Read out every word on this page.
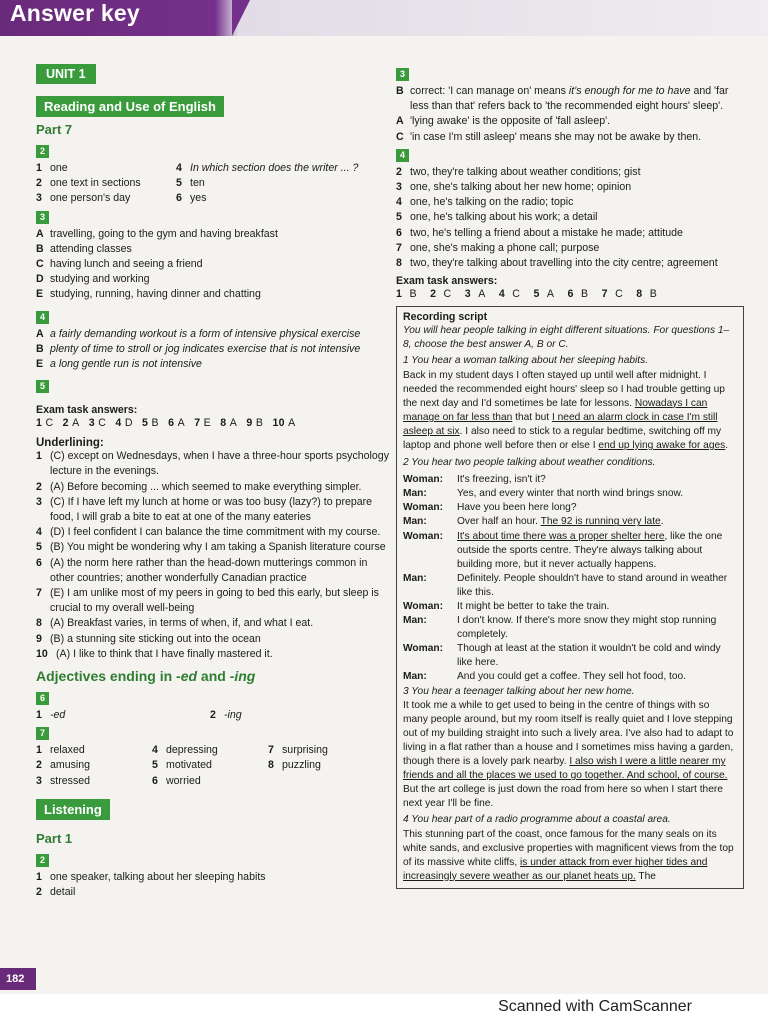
Answer key
UNIT 1
Reading and Use of English
Part 7
2
1 one	4 In which section does the writer ... ?
2 one text in sections	5 ten
3 one person's day	6 yes
3
A travelling, going to the gym and having breakfast
B attending classes
C having lunch and seeing a friend
D studying and working
E studying, running, having dinner and chatting
4
A a fairly demanding workout is a form of intensive physical exercise
B plenty of time to stroll or jog indicates exercise that is not intensive
E a long gentle run is not intensive
5
Exam task answers:
1 C 2 A 3 C 4 D 5 B 6 A 7 E 8 A 9 B 10 A
Underlining:
1 (C) except on Wednesdays, when I have a three-hour sports psychology lecture in the evenings.
2 (A) Before becoming ... which seemed to make everything simpler.
3 (C) If I have left my lunch at home or was too busy (lazy?) to prepare food, I will grab a bite to eat at one of the many eateries
4 (D) I feel confident I can balance the time commitment with my course.
5 (B) You might be wondering why I am taking a Spanish literature course
6 (A) the norm here rather than the head-down mutterings common in other countries; another wonderfully Canadian practice
7 (E) I am unlike most of my peers in going to bed this early, but sleep is crucial to my overall well-being
8 (A) Breakfast varies, in terms of when, if, and what I eat.
9 (B) a stunning site sticking out into the ocean
10 (A) I like to think that I have finally mastered it.
Adjectives ending in -ed and -ing
6
1 -ed	2 -ing
7
1 relaxed	4 depressing	7 surprising
2 amusing	5 motivated	8 puzzling
3 stressed	6 worried
Listening
Part 1
2
1 one speaker, talking about her sleeping habits
2 detail
3
B correct: 'I can manage on' means it's enough for me to have and 'far less than that' refers back to 'the recommended eight hours' sleep'.
A 'lying awake' is the opposite of 'fall asleep'.
C 'in case I'm still asleep' means she may not be awake by then.
4
2 two, they're talking about weather conditions; gist
3 one, she's talking about her new home; opinion
4 one, he's talking on the radio; topic
5 one, he's talking about his work; a detail
6 two, he's telling a friend about a mistake he made; attitude
7 one, she's making a phone call; purpose
8 two, they're talking about travelling into the city centre; agreement
Exam task answers:
1 B 2 C 3 A 4 C 5 A 6 B 7 C 8 B
Recording script
You will hear people talking in eight different situations. For questions 1–8, choose the best answer A, B or C.
1 You hear a woman talking about her sleeping habits.
Back in my student days I often stayed up until well after midnight. I needed the recommended eight hours' sleep so I had trouble getting up the next day and I'd sometimes be late for lessons. Nowadays I can manage on far less than that but I need an alarm clock in case I'm still asleep at six. I also need to stick to a regular bedtime, switching off my laptop and phone well before then or else I end up lying awake for ages.
2 You hear two people talking about weather conditions.
Woman:	It's freezing, isn't it?
Man:	Yes, and every winter that north wind brings snow.
Woman:	Have you been here long?
Man:	Over half an hour. The 92 is running very late.
Woman:	It's about time there was a proper shelter here, like the one outside the sports centre. They're always talking about building more, but it never actually happens.
Man:	Definitely. People shouldn't have to stand around in weather like this.
Woman:	It might be better to take the train.
Man:	I don't know. If there's more snow they might stop running completely.
Woman:	Though at least at the station it wouldn't be cold and windy like here.
Man:	And you could get a coffee. They sell hot food, too.
3 You hear a teenager talking about her new home.
It took me a while to get used to being in the centre of things with so many people around, but my room itself is really quiet and I love stepping out of my building straight into such a lively area. I've also had to adapt to living in a flat rather than a house and I sometimes miss having a garden, though there is a lovely park nearby. I also wish I were a little nearer my friends and all the places we used to go together. And school, of course. But the art college is just down the road from here so when I start there next year I'll be fine.
4 You hear part of a radio programme about a coastal area.
This stunning part of the coast, once famous for the many seals on its white sands, and exclusive properties with magnificent views from the top of its massive white cliffs, is under attack from ever higher tides and increasingly severe weather as our planet heats up. The
182
Scanned with CamScanner
